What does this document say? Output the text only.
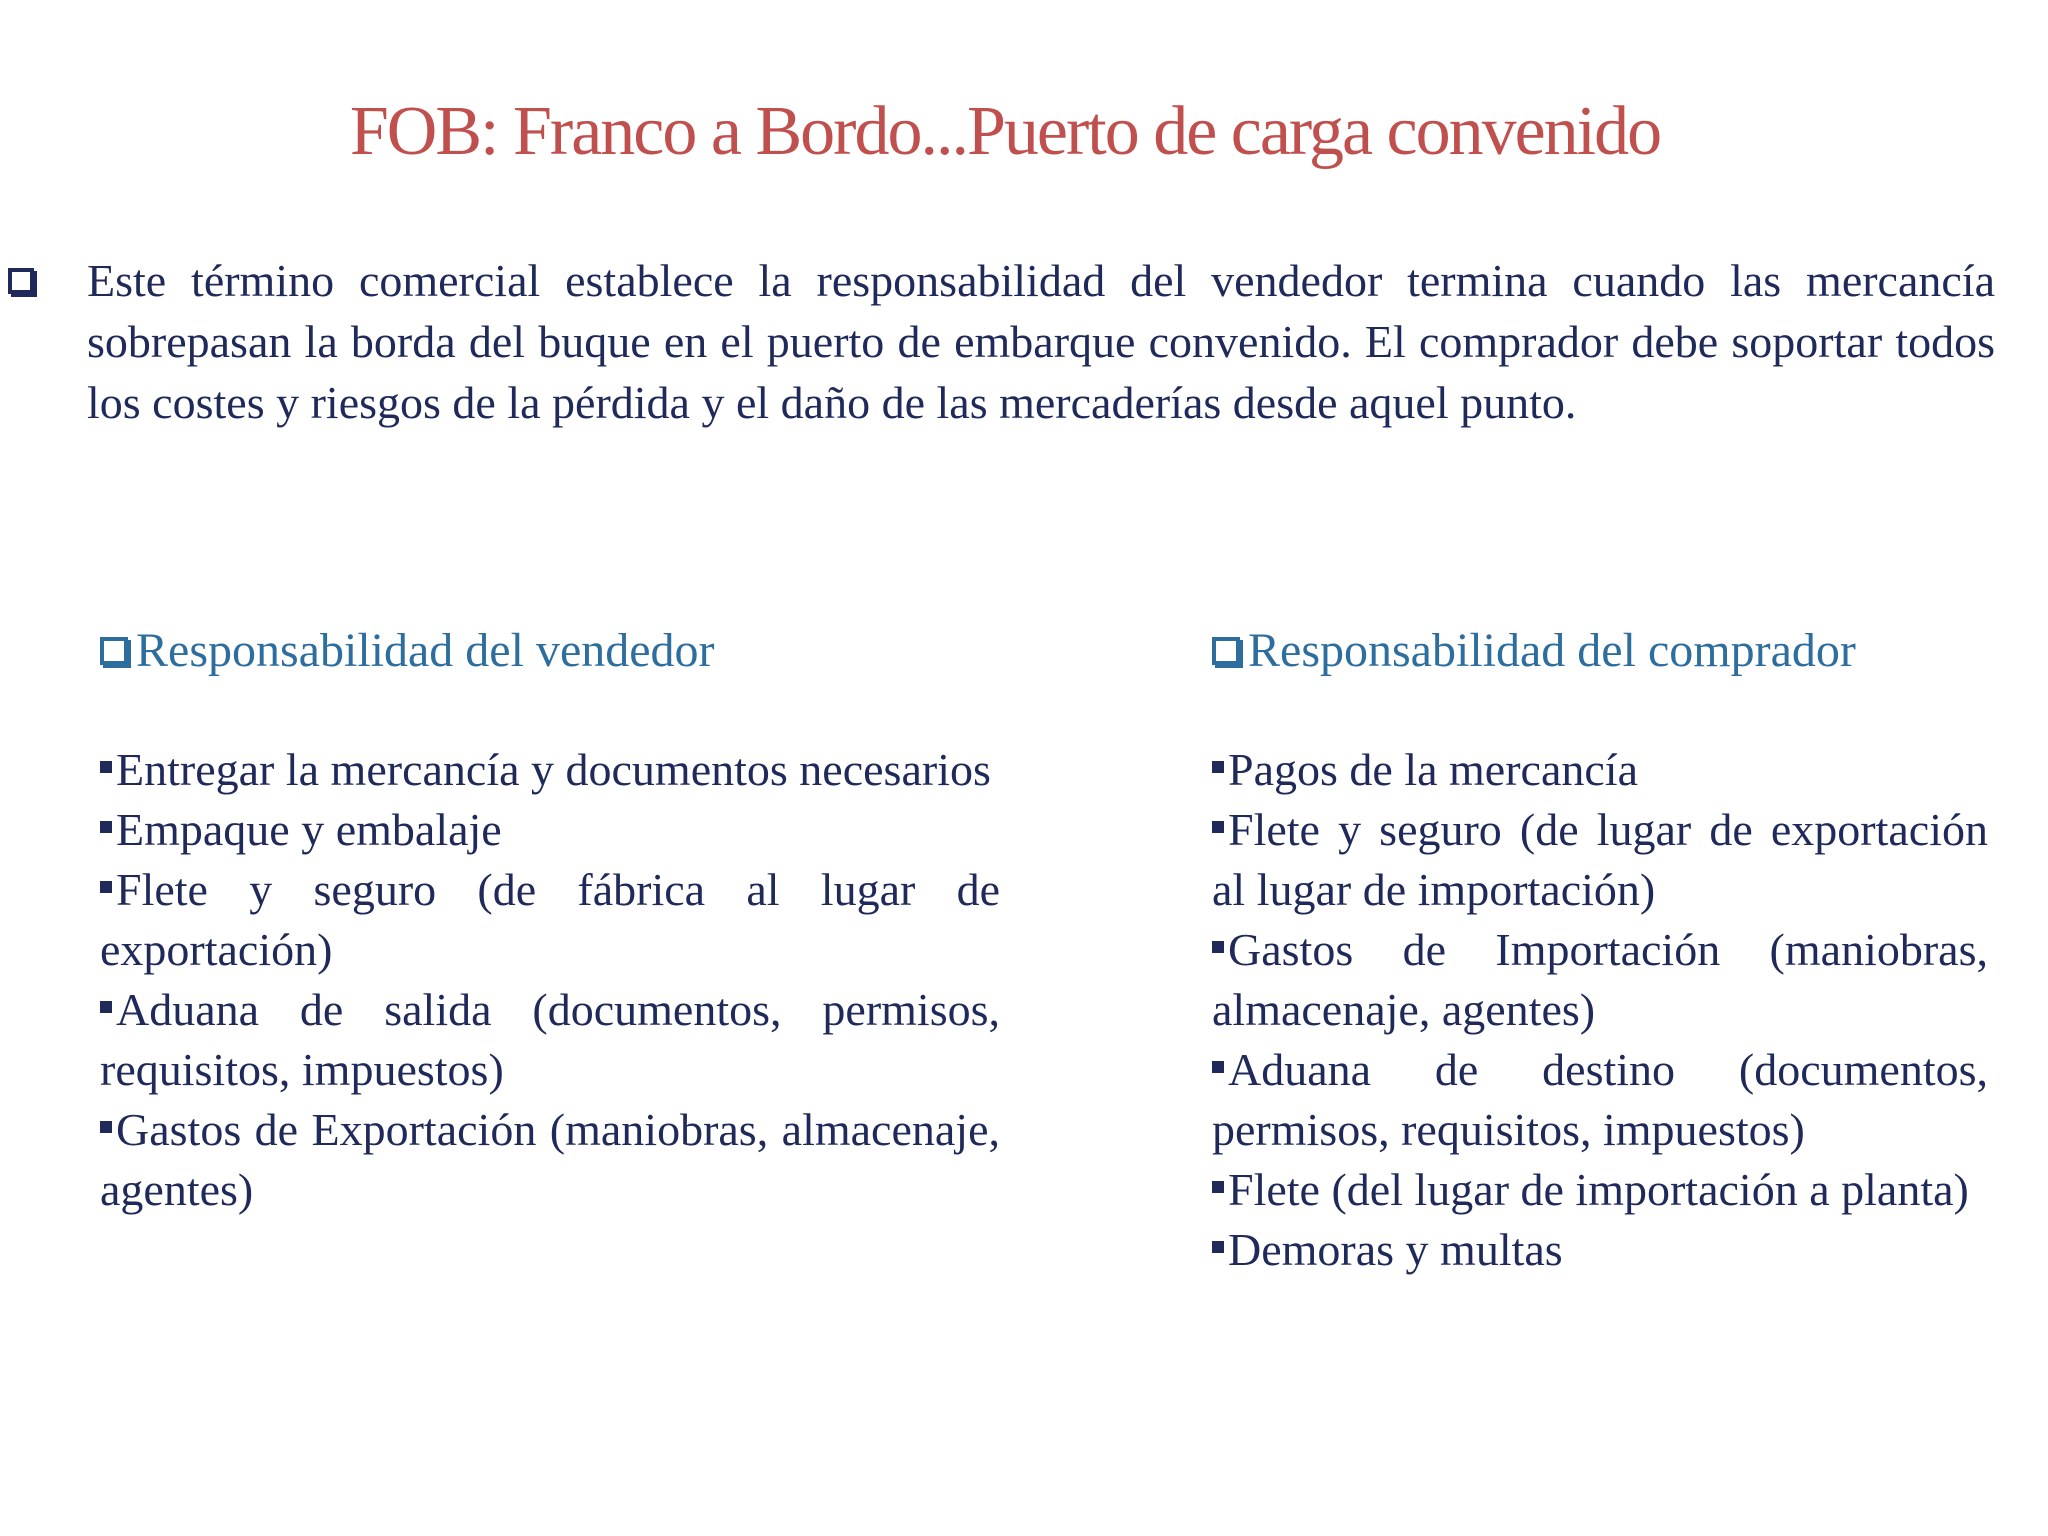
FOB: Franco a Bordo...Puerto de carga convenido

Este término comercial establece la responsabilidad del vendedor termina cuando las mercancía sobrepasan la borda del buque en el puerto de embarque convenido. El comprador debe soportar todos los costes y riesgos de la pérdida y el daño de las mercaderías desde aquel punto.

Responsabilidad del vendedor
Entregar la mercancía y documentos necesarios
Empaque y embalaje
Flete y seguro (de fábrica al lugar de exportación)
Aduana de salida (documentos, permisos, requisitos, impuestos)
Gastos de Exportación (maniobras, almacenaje, agentes)
Responsabilidad del comprador
Pagos de la mercancía
Flete y seguro (de lugar de exportación al lugar de importación)
Gastos de Importación (maniobras, almacenaje, agentes)
Aduana de destino (documentos, permisos, requisitos, impuestos)
Flete (del lugar de importación a planta)
Demoras y multas
